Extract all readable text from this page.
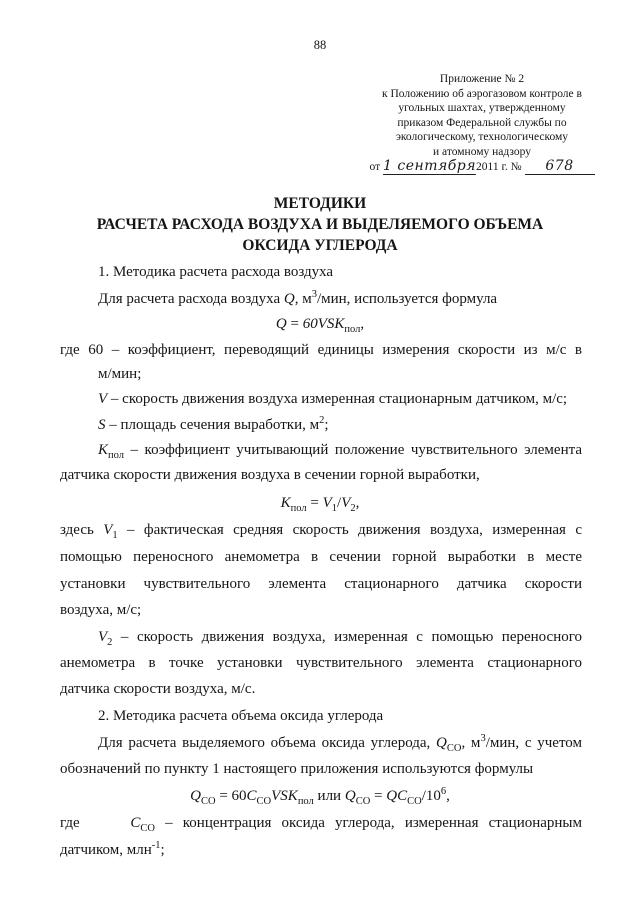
88
Приложение № 2
к Положению об аэрогазовом контроле в
угольных шахтах, утвержденному
приказом Федеральной службы по
экологическому, технологическому
и атомному надзору
от 1 сентября2011 г. № 678
МЕТОДИКИ
РАСЧЕТА РАСХОДА ВОЗДУХА И ВЫДЕЛЯЕМОГО ОБЪЕМА
ОКСИДА УГЛЕРОДА
1. Методика расчета расхода воздуха
Для расчета расхода воздуха Q, $м^3$/мин, используется формула
$Q = 60VSK_{пол}$,
где 60 – коэффициент, переводящий единицы измерения скорости из м/с в
м/мин;
V – скорость движения воздуха измеренная стационарным датчиком, м/с;
S – площадь сечения выработки, $м^2$;
$K_{пол}$ – коэффициент учитывающий положение чувствительного элемента
датчика скорости движения воздуха в сечении горной выработки,
$K_{пол} = V_1/V_2$,
здесь $V_1$ – фактическая средняя скорость движения воздуха, измеренная с
помощью переносного анемометра в сечении горной выработки в месте
установки чувствительного элемента стационарного датчика скорости
воздуха, м/с;
$V_2$ – скорость движения воздуха, измеренная с помощью переносного
анемометра в точке установки чувствительного элемента стационарного
датчика скорости воздуха, м/с.
2. Методика расчета объема оксида углерода
Для расчета выделяемого объема оксида углерода, $Q_{CO}$, $м^3$/мин, с учетом
обозначений по пункту 1 настоящего приложения используются формулы
$Q_{CO} = 60C_{CO}VSK_{пол}$ или $Q_{CO} = QC_{CO}/10^6$,
где	$C_{CO}$ – концентрация оксида углерода, измеренная стационарным
датчиком, млн$^{-1}$;
